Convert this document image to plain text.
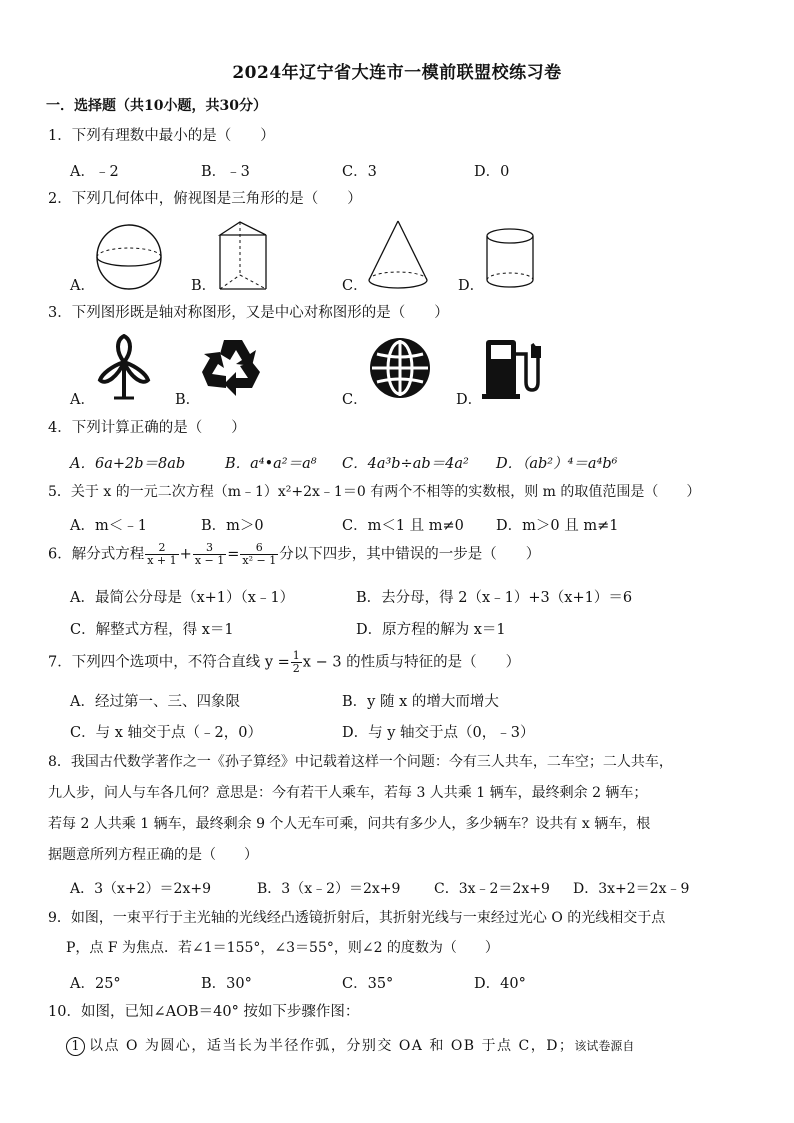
2024年辽宁省大连市一模前联盟校练习卷
一．选择题（共10小题，共30分）
1．下列有理数中最小的是（　　）
A．﹣2	B．﹣3	C．3	D．0
2．下列几何体中，俯视图是三角形的是（　　）
A．	B．	C．	D．
3．下列图形既是轴对称图形，又是中心对称图形的是（　　）
A．	B．	C．	D．
4．下列计算正确的是（　　）
A．6a+2b＝8ab	B．a⁴•a²＝a⁸ C．4a³b÷ab＝4a² D．（ab²）⁴＝a⁴b⁶
5．关于 x 的一元二次方程（m﹣1）x²+2x﹣1＝0 有两个不相等的实数根，则 m 的取值范围是（　　）
A．m＜﹣1	B．m＞0	C．m＜1 且 m≠0 D．m＞0 且 m≠1
6．解分式方程 $\frac{2}{x + 1} + \frac{3}{x - 1} = \frac{6}{\text{x² − 1}}$ 分以下四步，其中错误的一步是（　　）
A．最简公分母是（x+1）（x﹣1）	B．去分母，得 2（x﹣1）+3（x+1）＝6
C．解整式方程，得 x＝1	D．原方程的解为 x＝1
7．下列四个选项中，不符合直线 $y = \frac{1}{2}$ x − 3 的性质与特征的是（　　）
A．经过第一、三、四象限	B．y 随 x 的增大而增大
C．与 x 轴交于点（﹣2，0）	D．与 y 轴交于点（0，﹣3）
8．我国古代数学著作之一《孙子算经》中记载着这样一个问题：今有三人共车，二车空；二人共车，
九人步，问人与车各几何？意思是：今有若干人乘车，若每 3 人共乘 1 辆车，最终剩余 2 辆车；
若每 2 人共乘 1 辆车，最终剩余 9 个人无车可乘，问共有多少人，多少辆车？设共有 x 辆车，根
据题意所列方程正确的是（　　）
A．3（x+2）＝2x+9	B．3（x﹣2）＝2x+9 C．3x﹣2＝2x+9 D．3x+2＝2x﹣9
9．如图，一束平行于主光轴的光线经凸透镜折射后，其折射光线与一束经过光心 O 的光线相交于点
P，点 F 为焦点．若∠1＝155°，∠3＝55°，则∠2 的度数为（　　）
A．25°	B．30°	C．35°	D．40°
10．如图，已知∠AOB＝40° 按如下步骤作图：
1 以点 O 为圆心，适当长为半径作弧，分别交 OA 和 OB 于点 C，D；该试卷源自
